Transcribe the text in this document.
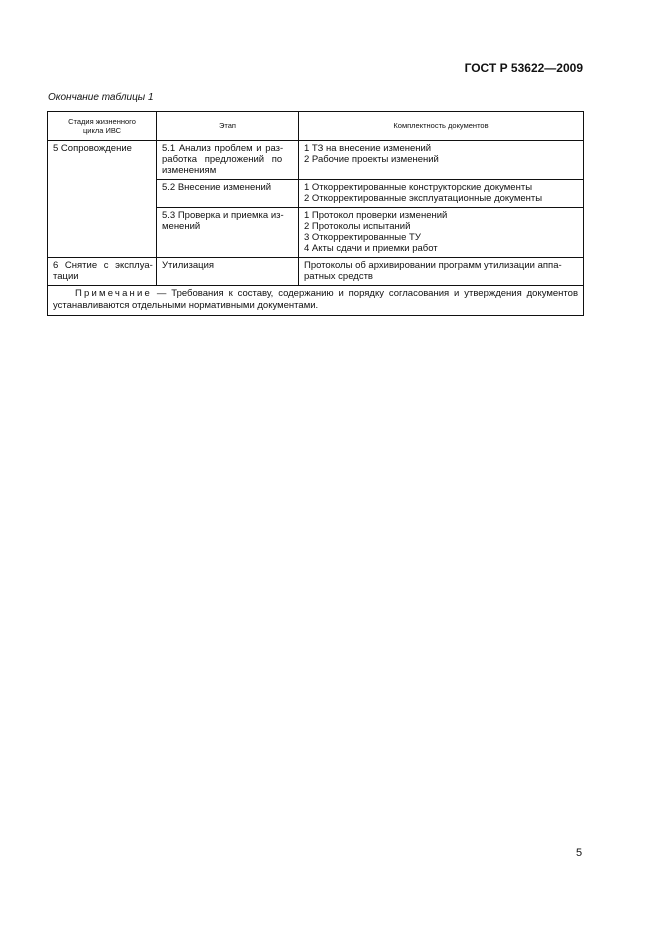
ГОСТ Р 53622—2009
Окончание таблицы 1
Стадия жизненного
цикла ИВС	Этап	Комплектность документов
5 Сопровождение	5.1 Анализ проблем и раз-
работка предложений по
изменениям	1 ТЗ на внесение изменений
2 Рабочие проекты изменений

	5.2 Внесение изменений	1 Откорректированные конструкторские документы
2 Откорректированные эксплуатационные документы

	5.3 Проверка и приемка из-
менений	1 Протокол проверки изменений
2 Протоколы испытаний
3 Откорректированные ТУ
4 Акты сдачи и приемки работ

6 Снятие с эксплуа-
тации	Утилизация	Протоколы об архивировании программ утилизации аппа-
ратных средств

Примечание — Требования к составу, содержанию и порядку согласования и утверждения документов устанавливаются отдельными нормативными документами.		
5
